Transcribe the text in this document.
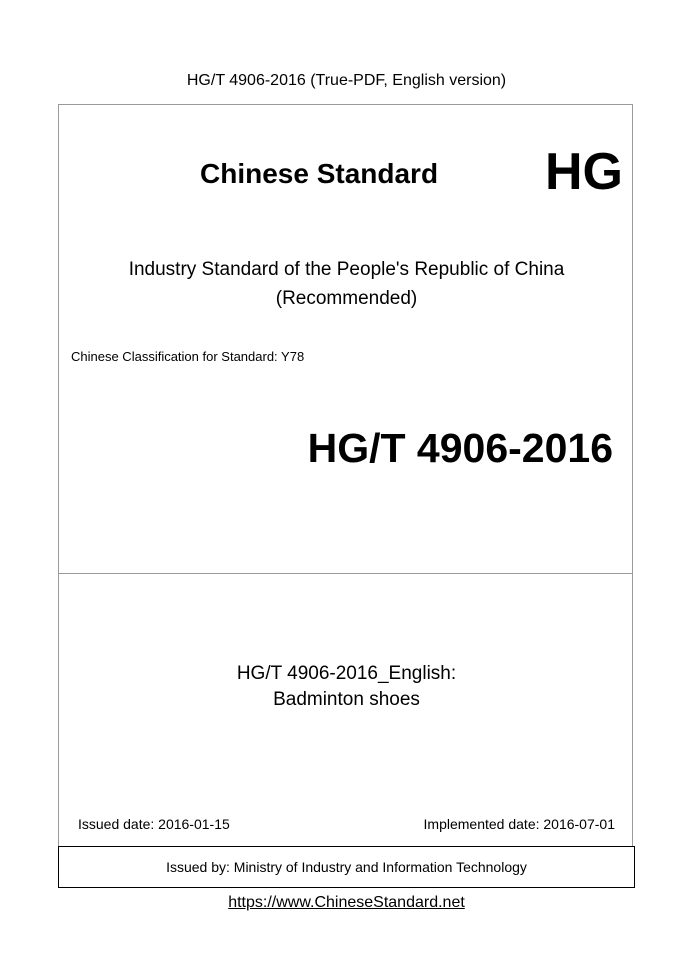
HG/T 4906-2016 (True-PDF, English version)
Chinese Standard HG
Industry Standard of the People's Republic of China
(Recommended)
Chinese Classification for Standard: Y78
HG/T 4906-2016
HG/T 4906-2016_English:
Badminton shoes
Issued date: 2016-01-15	Implemented date: 2016-07-01
Issued by: Ministry of Industry and Information Technology
https://www.ChineseStandard.net
